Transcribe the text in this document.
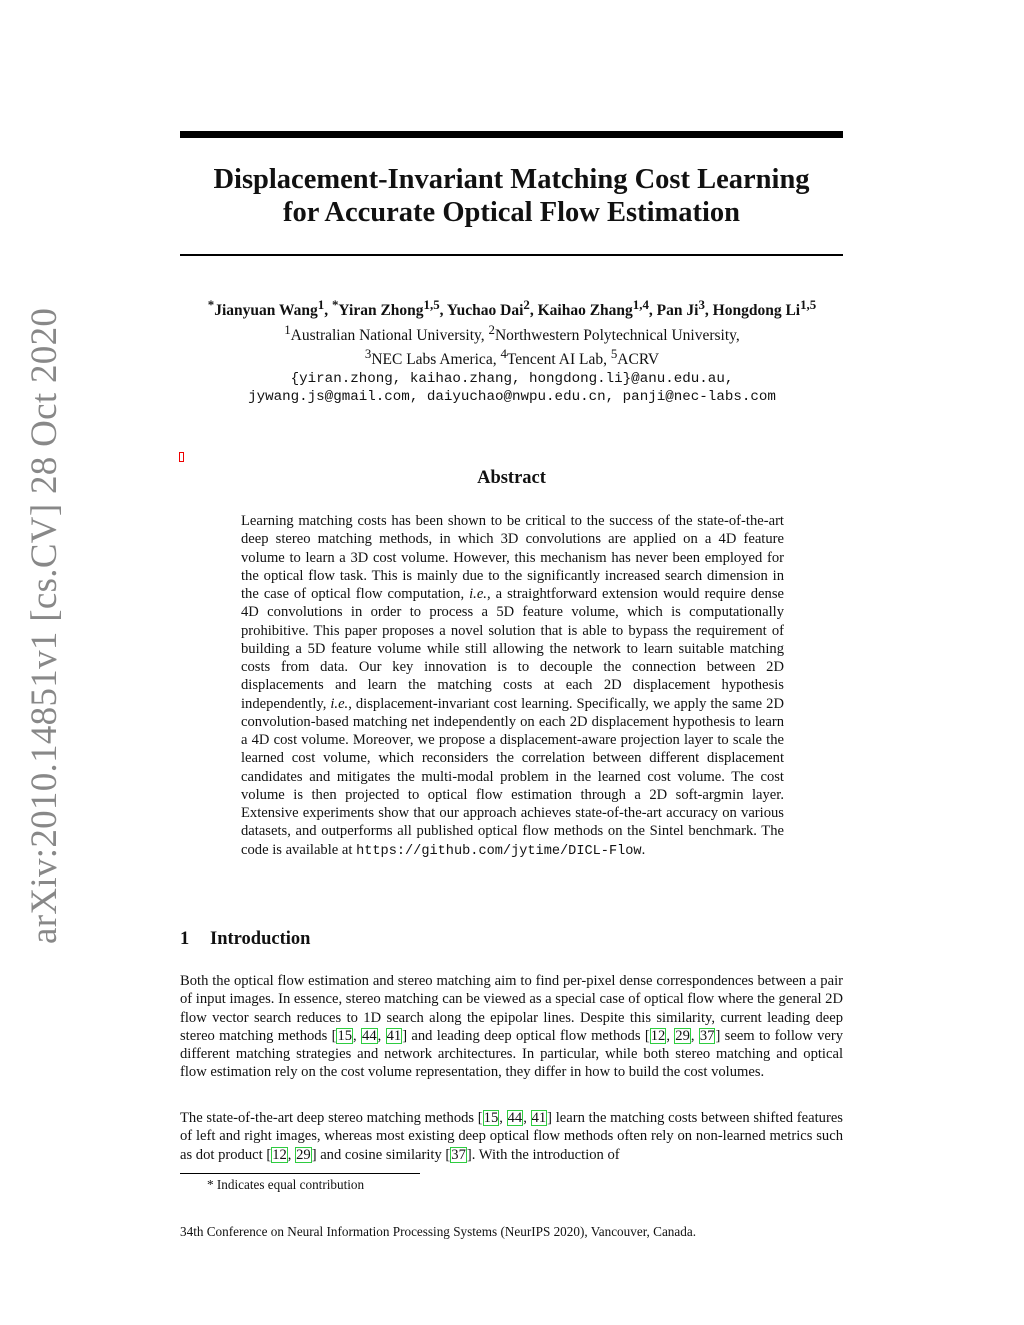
Displacement-Invariant Matching Cost Learning
for Accurate Optical Flow Estimation
*Jianyuan Wang$^1$, *Yiran Zhong$^{1,5}$, Yuchao Dai$^2$, Kaihao Zhang$^{1,4}$, Pan Ji$^3$, Hongdong Li$^{1,5}$
$^1$Australian National University, $^2$Northwestern Polytechnical University,
$^3$NEC Labs America, $^4$Tencent AI Lab, $^5$ACRV
{yiran.zhong, kaihao.zhang, hongdong.li}@anu.edu.au,
jywang.js@gmail.com, daiyuchao@nwpu.edu.cn, panji@nec-labs.com
arXiv:2010.14851v1 [cs.CV] 28 Oct 2020	Abstract

Learning matching costs has been shown to be critical to the success of the state-of-the-art deep stereo matching methods, in which 3D convolutions are applied on a 4D feature volume to learn a 3D cost volume. However, this mechanism has never been employed for the optical flow task. This is mainly due to the significantly increased search dimension in the case of optical flow computation, i.e., a straightforward extension would require dense 4D convolutions in order to process a 5D feature volume, which is computationally prohibitive. This paper proposes a novel solution that is able to bypass the requirement of building a 5D feature volume while still allowing the network to learn suitable matching costs from data. Our key innovation is to decouple the connection between 2D displacements and learn the matching costs at each 2D displacement hypothesis independently, i.e., displacement-invariant cost learning. Specifically, we apply the same 2D convolution-based matching net independently on each 2D displacement hypothesis to learn a 4D cost volume. Moreover, we propose a displacement-aware projection layer to scale the learned cost volume, which reconsiders the correlation between different displacement candidates and mitigates the multi-modal problem in the learned cost volume. The cost volume is then projected to optical flow estimation through a 2D soft-argmin layer. Extensive experiments show that our approach achieves state-of-the-art accuracy on various datasets, and outperforms all published optical flow methods on the Sintel benchmark. The code is available at https://github.com/jytime/DICL-Flow.

1 Introduction

Both the optical flow estimation and stereo matching aim to find per-pixel dense correspondences between a pair of input images. In essence, stereo matching can be viewed as a special case of optical flow where the general 2D flow vector search reduces to 1D search along the epipolar lines. Despite this similarity, current leading deep stereo matching methods [15, 44, 41] and leading deep optical flow methods [12, 29, 37] seem to follow very different matching strategies and network architectures. In particular, while both stereo matching and optical flow estimation rely on the cost volume representation, they differ in how to build the cost volumes.

The state-of-the-art deep stereo matching methods [15, 44, 41] learn the matching costs between shifted features of left and right images, whereas most existing deep optical flow methods often rely on non-learned metrics such as dot product [12, 29] and cosine similarity [37]. With the introduction of

* Indicates equal contribution

34th Conference on Neural Information Processing Systems (NeurIPS 2020), Vancouver, Canada.
